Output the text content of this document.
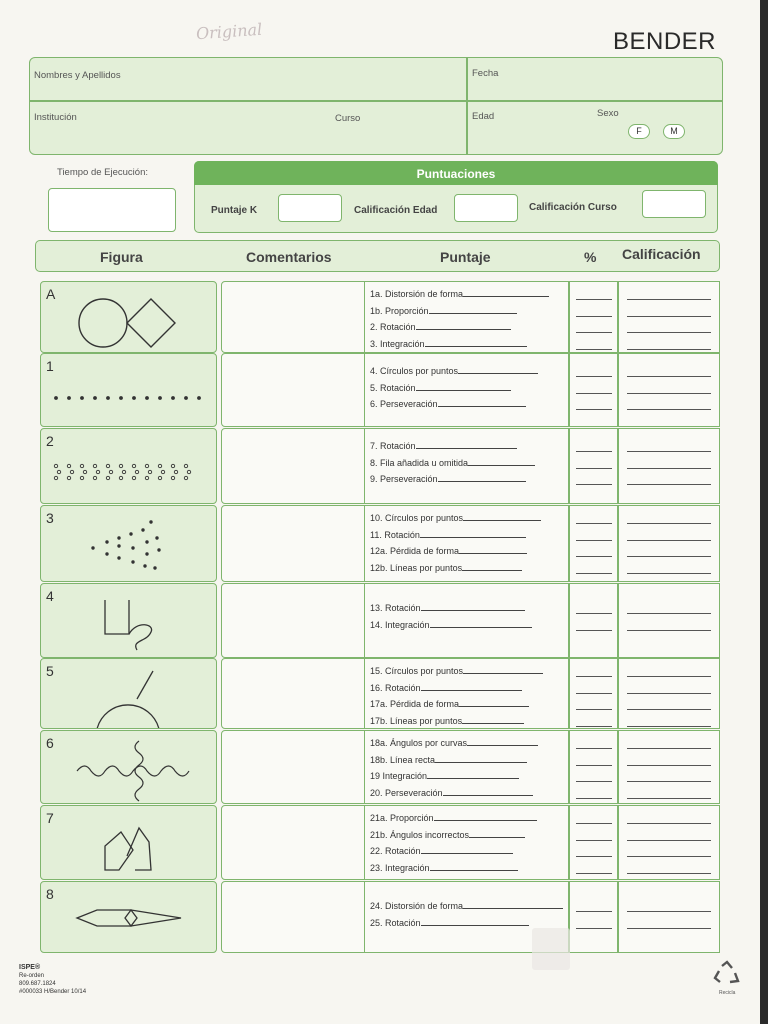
Original	BENDER
Nombres y Apellidos	Fecha
Institución	Curso	Edad	Sexo
F	M
Tiempo de Ejecución:	Puntuaciones
Puntaje K	Calificación Edad	Calificación Curso
Figura	Comentarios	Puntaje	% Calificación
A	1a. Distorsión de forma
1b. Proporción
2. Rotación
3. Integración
1	4. Círculos por puntos
5. Rotación
6. Perseveración
2	7. Rotación
8. Fila añadida u omitida
9. Perseveración
3	10. Círculos por puntos
11. Rotación
12a. Pérdida de forma
12b. Líneas por puntos
4
13. Rotación
14. Integración
5	15. Círculos por puntos
16. Rotación
17a. Pérdida de forma
17b. Líneas por puntos
6	18a. Ángulos por curvas
18b. Línea recta
19 Integración
20. Perseveración
7	21a. Proporción
21b. Ángulos incorrectos
22. Rotación
23. Integración
8
24. Distorsión de forma
25. Rotación
ISPE®
Re-orden
809.687.1824
#000033 H/Bender 10/14	Recicla
